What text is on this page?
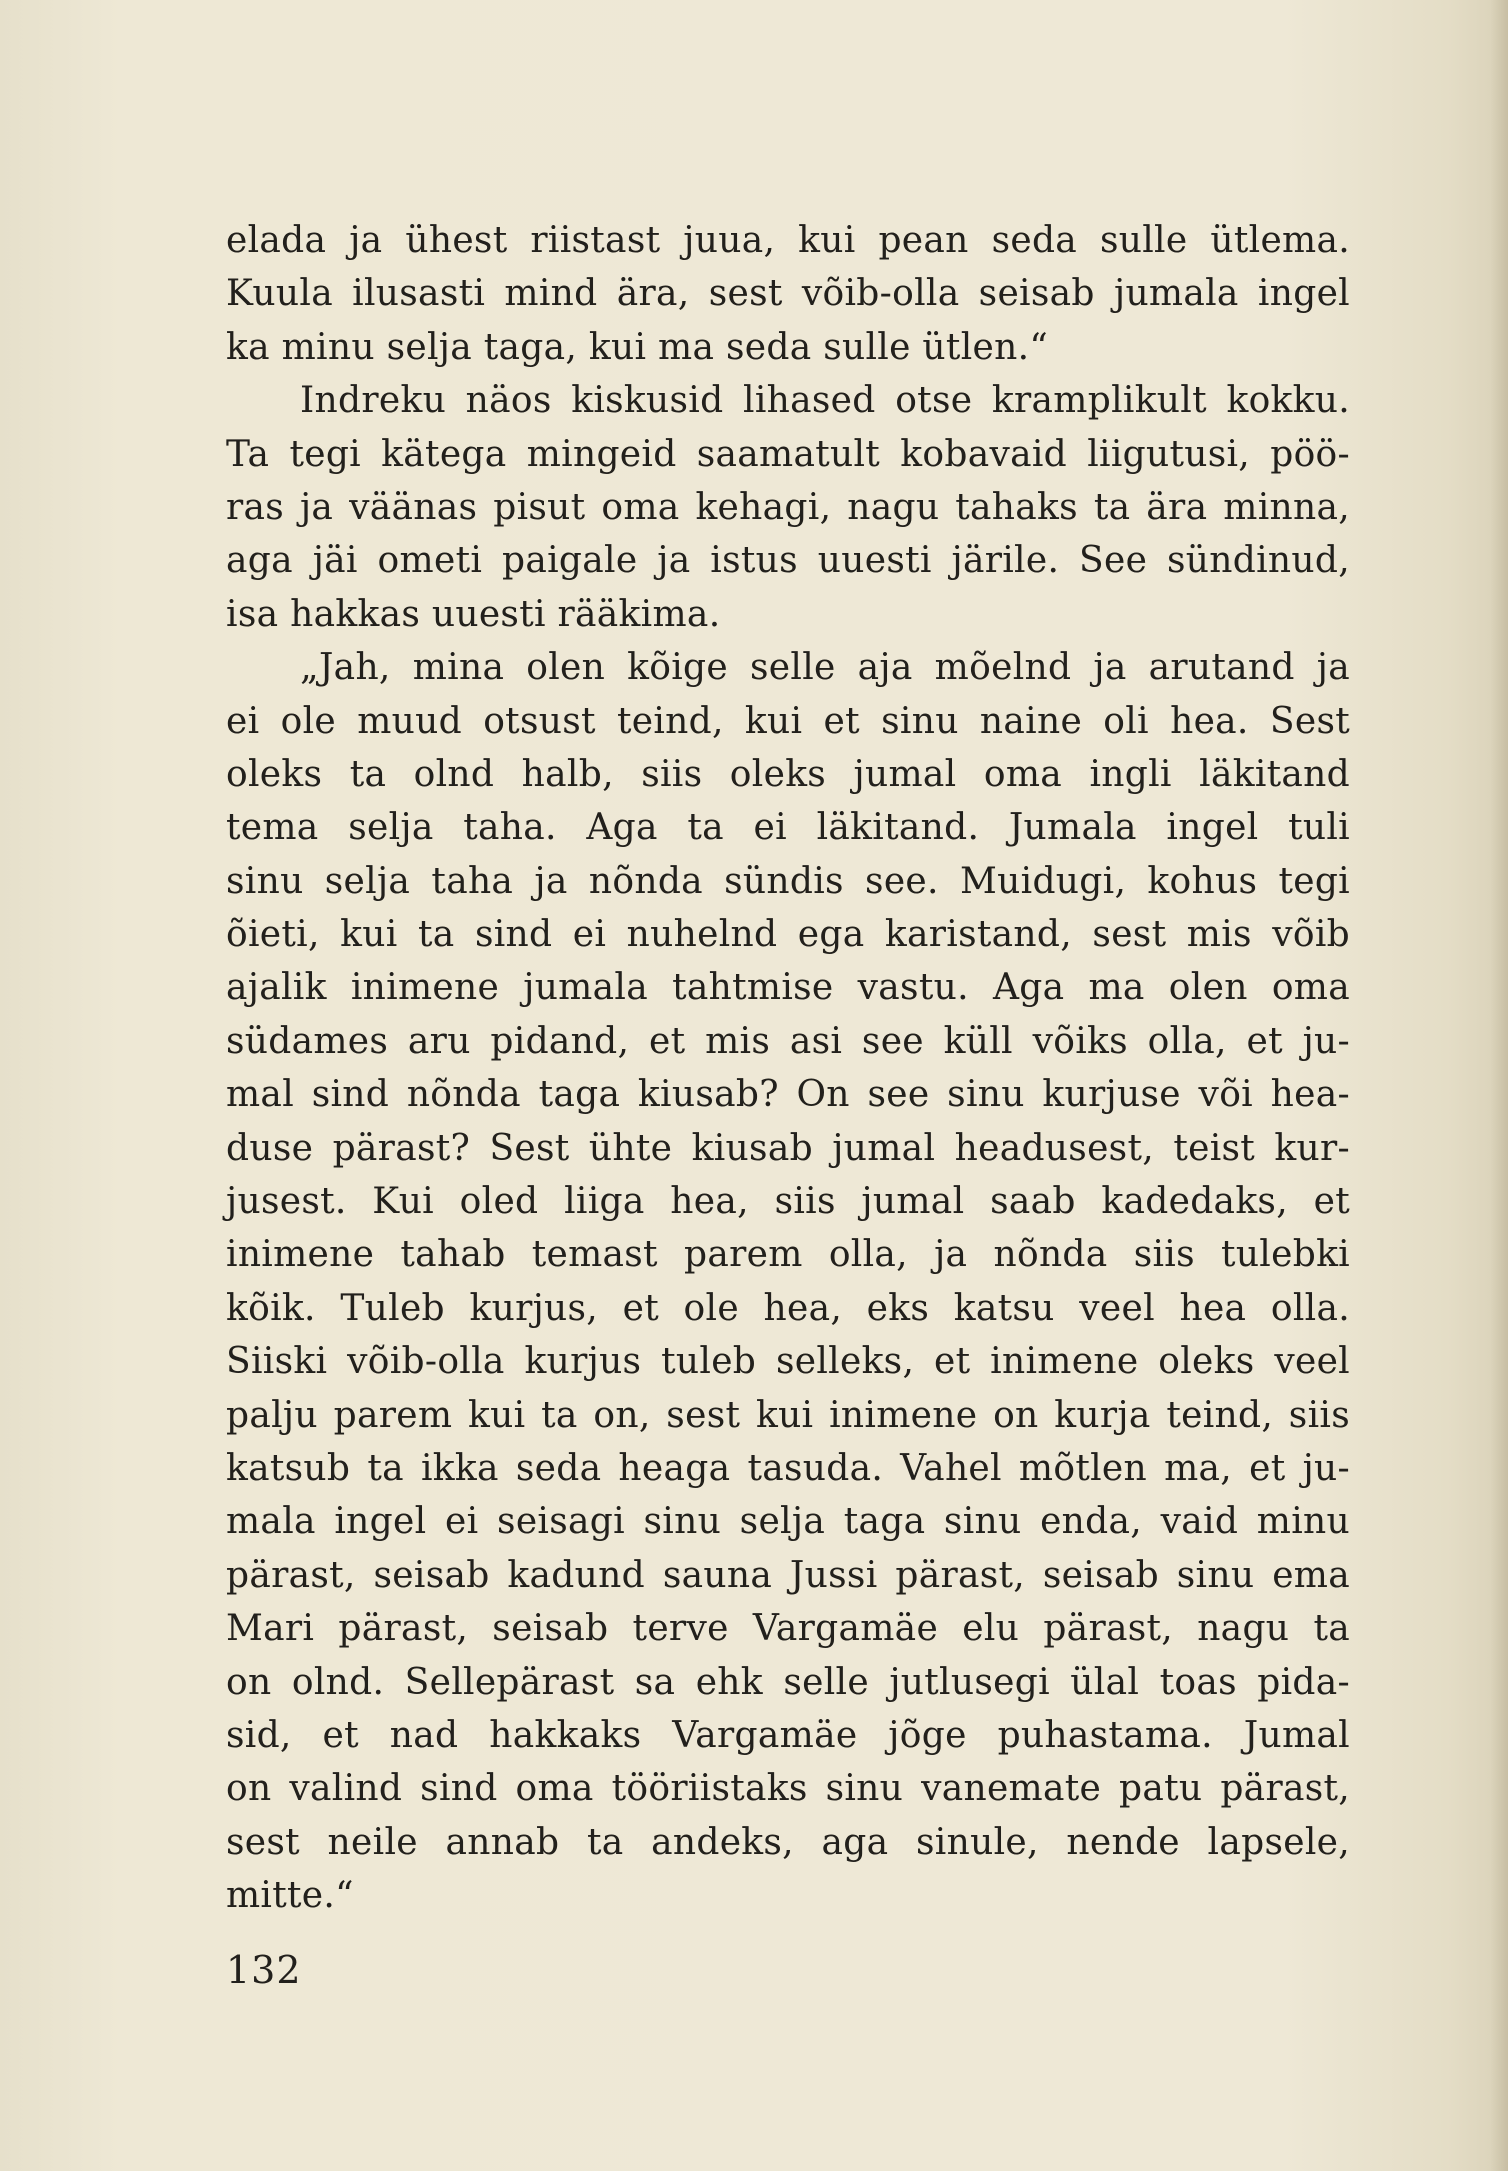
elada ja ühest riistast juua, kui pean seda sulle ütlema.
Kuula ilusasti mind ära, sest võib-olla seisab jumala ingel
ka minu selja taga, kui ma seda sulle ütlen.“
Indreku näos kiskusid lihased otse kramplikult kokku.
Ta tegi kätega mingeid saamatult kobavaid liigutusi, pöö-
ras ja väänas pisut oma kehagi, nagu tahaks ta ära minna,
aga jäi ometi paigale ja istus uuesti järile. See sündinud,
isa hakkas uuesti rääkima.
„Jah, mina olen kõige selle aja mõelnd ja arutand ja
ei ole muud otsust teind, kui et sinu naine oli hea. Sest
oleks ta olnd halb, siis oleks jumal oma ingli läkitand
tema selja taha. Aga ta ei läkitand. Jumala ingel tuli
sinu selja taha ja nõnda sündis see. Muidugi, kohus tegi
õieti, kui ta sind ei nuhelnd ega karistand, sest mis võib
ajalik inimene jumala tahtmise vastu. Aga ma olen oma
südames aru pidand, et mis asi see küll võiks olla, et ju-
mal sind nõnda taga kiusab? On see sinu kurjuse või hea-
duse pärast? Sest ühte kiusab jumal headusest, teist kur-
jusest. Kui oled liiga hea, siis jumal saab kadedaks, et
inimene tahab temast parem olla, ja nõnda siis tulebki
kõik. Tuleb kurjus, et ole hea, eks katsu veel hea olla.
Siiski võib-olla kurjus tuleb selleks, et inimene oleks veel
palju parem kui ta on, sest kui inimene on kurja teind, siis
katsub ta ikka seda heaga tasuda. Vahel mõtlen ma, et ju-
mala ingel ei seisagi sinu selja taga sinu enda, vaid minu
pärast, seisab kadund sauna Jussi pärast, seisab sinu ema
Mari pärast, seisab terve Vargamäe elu pärast, nagu ta
on olnd. Sellepärast sa ehk selle jutlusegi ülal toas pida-
sid, et nad hakkaks Vargamäe jõge puhastama. Jumal
on valind sind oma tööriistaks sinu vanemate patu pärast,
sest neile annab ta andeks, aga sinule, nende lapsele,
mitte.“
132
